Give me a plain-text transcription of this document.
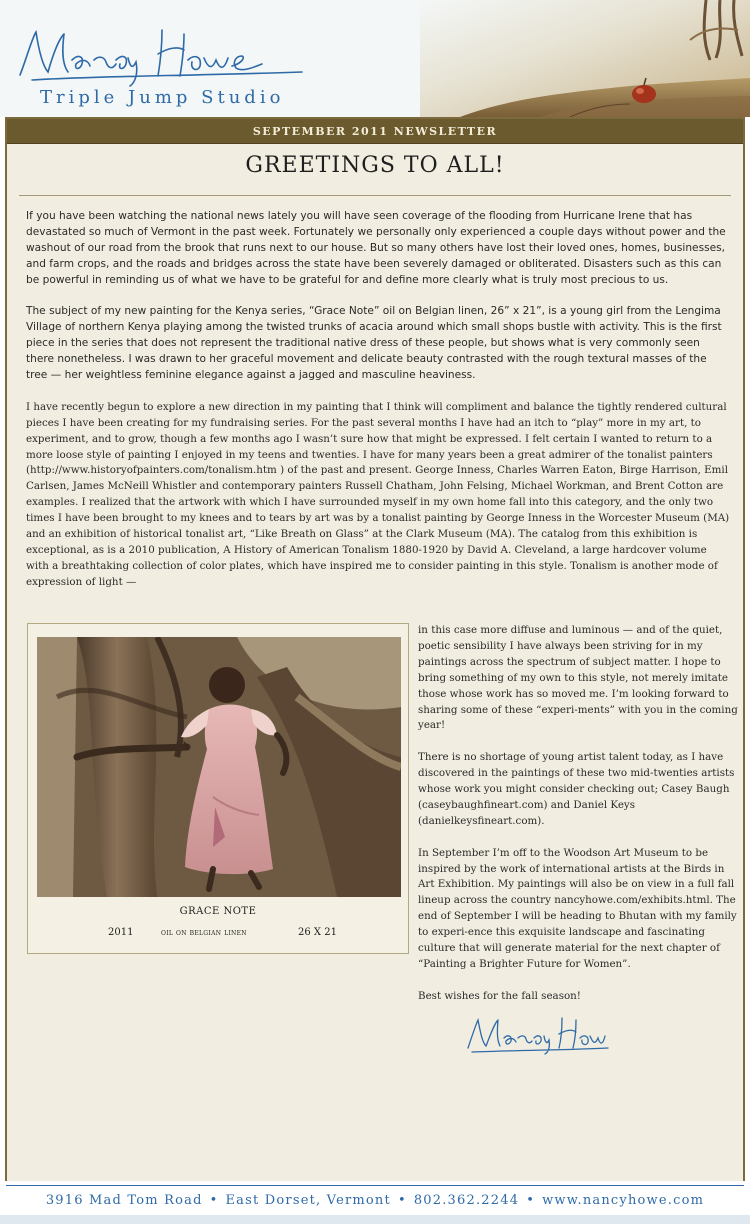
Triple Jump Studio
SEPTEMBER 2011 NEWSLETTER
GREETINGS TO ALL!

If you have been watching the national news lately you will have seen coverage of the flooding from Hurricane Irene that has devastated so much of Vermont in the past week. Fortunately we personally only experienced a couple days without power and the washout of our road from the brook that runs next to our house. But so many others have lost their loved ones, homes, businesses, and farm crops, and the roads and bridges across the state have been severely damaged or obliterated. Disasters such as this can be powerful in reminding us of what we have to be grateful for and define more clearly what is truly most precious to us.

The subject of my new painting for the Kenya series, “Grace Note” oil on Belgian linen, 26” x 21”, is a young girl from the Lengima Village of northern Kenya playing among the twisted trunks of acacia around which small shops bustle with activity. This is the first piece in the series that does not represent the traditional native dress of these people, but shows what is very commonly seen there nonetheless. I was drawn to her graceful movement and delicate beauty contrasted with the rough textural masses of the tree — her weightless feminine elegance against a jagged and masculine heaviness.

I have recently begun to explore a new direction in my painting that I think will compliment and balance the tightly rendered cultural pieces I have been creating for my fundraising series. For the past several months I have had an itch to “play” more in my art, to experiment, and to grow, though a few months ago I wasn’t sure how that might be expressed. I felt certain I wanted to return to a more loose style of painting I enjoyed in my teens and twenties. I have for many years been a great admirer of the tonalist painters (http://www.historyofpainters.com/tonalism.htm ) of the past and present. George Inness, Charles Warren Eaton, Birge Harrison, Emil Carlsen, James McNeill Whistler and contemporary painters Russell Chatham, John Felsing, Michael Workman, and Brent Cotton are examples. I realized that the artwork with which I have surrounded myself in my own home fall into this category, and the only two times I have been brought to my knees and to tears by art was by a tonalist painting by George Inness in the Worcester Museum (MA) and an exhibition of historical tonalist art, “Like Breath on Glass” at the Clark Museum (MA). The catalog from this exhibition is exceptional, as is a 2010 publication, A History of American Tonalism 1880-1920 by David A. Cleveland, a large hardcover volume with a breathtaking collection of color plates, which have inspired me to consider painting in this style. Tonalism is another mode of expression of light —

GRACE NOTE
2011	oil on belgian linen	26 X 21

in this case more diffuse and luminous — and of the quiet, poetic sensibility I have always been striving for in my paintings across the spectrum of subject matter. I hope to bring something of my own to this style, not merely imitate those whose work has so moved me. I’m looking forward to sharing some of these “experi-ments” with you in the coming year!

There is no shortage of young artist talent today, as I have discovered in the paintings of these two mid-twenties artists whose work you might consider checking out; Casey Baugh (caseybaughfineart.com) and Daniel Keys (danielkeysfineart.com).

In September I’m off to the Woodson Art Museum to be inspired by the work of international artists at the Birds in Art Exhibition. My paintings will also be on view in a full fall lineup across the country nancyhowe.com/exhibits.html. The end of September I will be heading to Bhutan with my family to experi-ence this exquisite landscape and fascinating culture that will generate material for the next chapter of “Painting a Brighter Future for Women”.

Best wishes for the fall season!

3916 Mad Tom Road • East Dorset, Vermont • 802.362.2244 • www.nancyhowe.com
